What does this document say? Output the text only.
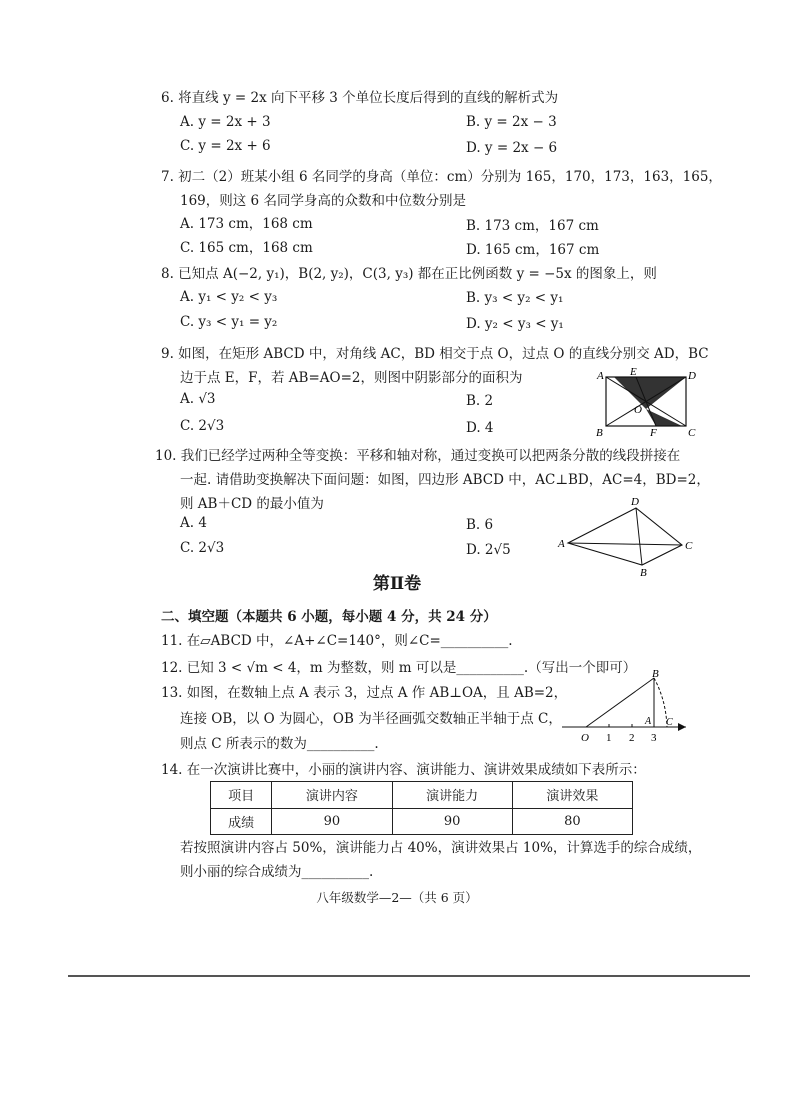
6. 将直线 y = 2x 向下平移 3 个单位长度后得到的直线的解析式为
A. y = 2x + 3	B. y = 2x − 3
C. y = 2x + 6	D. y = 2x − 6
7. 初二（2）班某小组 6 名同学的身高（单位：cm）分别为 165，170，173，163，165，
169，则这 6 名同学身高的众数和中位数分别是
A. 173 cm，168 cm	B. 173 cm，167 cm
C. 165 cm，168 cm	D. 165 cm，167 cm
8. 已知点 A(−2, y₁)，B(2, y₂)，C(3, y₃) 都在正比例函数 y = −5x 的图象上，则
A. y₁ < y₂ < y₃	B. y₃ < y₂ < y₁
C. y₃ < y₁ = y₂	D. y₂ < y₃ < y₁
9. 如图，在矩形 ABCD 中，对角线 AC，BD 相交于点 O，过点 O 的直线分别交 AD，BC
边于点 E，F，若 AB=AO=2，则图中阴影部分的面积为
A. √3	B. 2
C. 2√3	D. 4
A E	D
O
B	F	C
10. 我们已经学过两种全等变换：平移和轴对称，通过变换可以把两条分散的线段拼接在
一起. 请借助变换解决下面问题：如图，四边形 ABCD 中，AC⊥BD，AC=4，BD=2，
则 AB＋CD 的最小值为
A. 4	B. 6
C. 2√3	D. 2√5
D
A	C
B
第Ⅱ卷
二、填空题（本题共 6 小题，每小题 4 分，共 24 分）
11. 在▱ABCD 中，∠A+∠C=140°，则∠C=__________.
12. 已知 3 < √m < 4，m 为整数，则 m 可以是__________.（写出一个即可）
13. 如图，在数轴上点 A 表示 3，过点 A 作 AB⊥OA，且 AB=2，
连接 OB，以 O 为圆心，OB 为半径画弧交数轴正半轴于点 C，
则点 C 所表示的数为__________.
B
A C
O 1 2 3
14. 在一次演讲比赛中，小丽的演讲内容、演讲能力、演讲效果成绩如下表所示：
项目	演讲内容	演讲能力	演讲效果
成绩	90	90	80
若按照演讲内容占 50%，演讲能力占 40%，演讲效果占 10%，计算选手的综合成绩，
则小丽的综合成绩为__________.
八年级数学—2—（共 6 页）
